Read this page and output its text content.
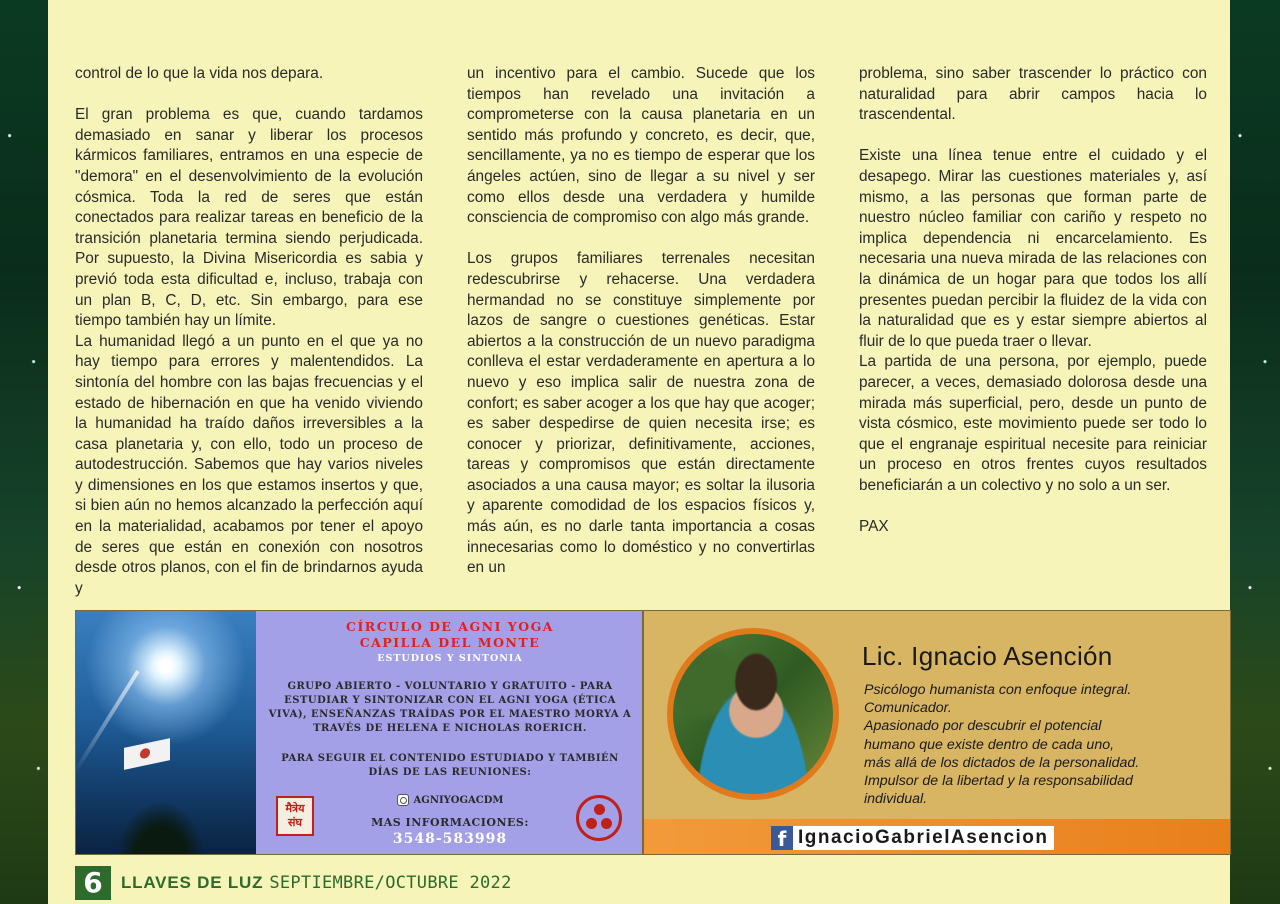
control de lo que la vida nos depara.

El gran problema es que, cuando tardamos demasiado en sanar y liberar los procesos kármicos familiares, entramos en una especie de "demora" en el desenvolvimiento de la evolución cósmica. Toda la red de seres que están conectados para realizar tareas en beneficio de la transición planetaria termina siendo perjudicada. Por supuesto, la Divina Misericordia es sabia y previó toda esta dificultad e, incluso, trabaja con un plan B, C, D, etc. Sin embargo, para ese tiempo también hay un límite.

La humanidad llegó a un punto en el que ya no hay tiempo para errores y malentendidos. La sintonía del hombre con las bajas frecuencias y el estado de hibernación en que ha venido viviendo la humanidad ha traído daños irreversibles a la casa planetaria y, con ello, todo un proceso de autodestrucción. Sabemos que hay varios niveles y dimensiones en los que estamos insertos y que, si bien aún no hemos alcanzado la perfección aquí en la materialidad, acabamos por tener el apoyo de seres que están en conexión con nosotros desde otros planos, con el fin de brindarnos ayuda y

un incentivo para el cambio. Sucede que los tiempos han revelado una invitación a comprometerse con la causa planetaria en un sentido más profundo y concreto, es decir, que, sencillamente, ya no es tiempo de esperar que los ángeles actúen, sino de llegar a su nivel y ser como ellos desde una verdadera y humilde consciencia de compromiso con algo más grande.

Los grupos familiares terrenales necesitan redescubrirse y rehacerse. Una verdadera hermandad no se constituye simplemente por lazos de sangre o cuestiones genéticas. Estar abiertos a la construcción de un nuevo paradigma conlleva el estar verdaderamente en apertura a lo nuevo y eso implica salir de nuestra zona de confort; es saber acoger a los que hay que acoger; es saber despedirse de quien necesita irse; es conocer y priorizar, definitivamente, acciones, tareas y compromisos que están directamente asociados a una causa mayor; es soltar la ilusoria y aparente comodidad de los espacios físicos y, más aún, es no darle tanta importancia a cosas innecesarias como lo doméstico y no convertirlas en un

problema, sino saber trascender lo práctico con naturalidad para abrir campos hacia lo trascendental.

Existe una línea tenue entre el cuidado y el desapego. Mirar las cuestiones materiales y, así mismo, a las personas que forman parte de nuestro núcleo familiar con cariño y respeto no implica dependencia ni encarcelamiento. Es necesaria una nueva mirada de las relaciones con la dinámica de un hogar para que todos los allí presentes puedan percibir la fluidez de la vida con la naturalidad que es y estar siempre abiertos al fluir de lo que pueda traer o llevar.

La partida de una persona, por ejemplo, puede parecer, a veces, demasiado dolorosa desde una mirada más superficial, pero, desde un punto de vista cósmico, este movimiento puede ser todo lo que el engranaje espiritual necesite para reiniciar un proceso en otros frentes cuyos resultados beneficiarán a un colectivo y no solo a un ser.

PAX

CÍRCULO DE AGNI YOGA
CAPILLA DEL MONTE
ESTUDIOS Y SINTONIA
GRUPO ABIERTO - VOLUNTARIO Y GRATUITO - PARA ESTUDIAR Y SINTONIZAR CON EL AGNI YOGA (ÉTICA VIVA), ENSEÑANZAS TRAÍDAS POR EL MAESTRO MORYA A TRAVÉS DE HELENA E NICHOLAS ROERICH.
PARA SEGUIR EL CONTENIDO ESTUDIADO Y TAMBIÉN DÍAS DE LAS REUNIONES:
AGNIYOGACDM
MAS INFORMACIONES:
3548-583998
मैत्रेय संघ
Lic. Ignacio Asención
Psicólogo humanista con enfoque integral.
Comunicador.
Apasionado por descubrir el potencial
humano que existe dentro de cada uno,
más allá de los dictados de la personalidad.
Impulsor de la libertad y la responsabilidad
individual.
f IgnacioGabrielAsencion
6	LLAVES DE LUZ SEPTIEMBRE/OCTUBRE 2022
